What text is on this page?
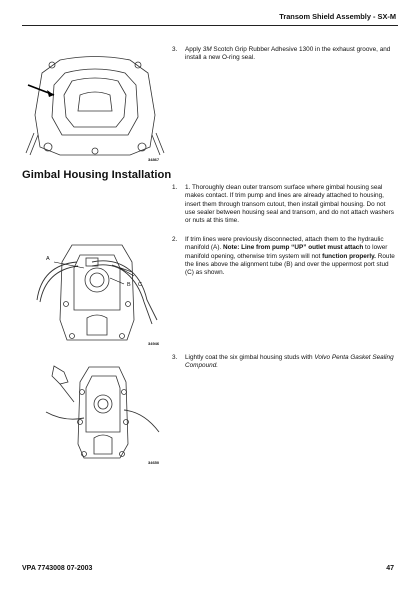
Transom Shield Assembly - SX-M
3. Apply 3M Scotch Grip Rubber Adhesive 1300 in the exhaust groove, and install a new O-ring seal.
34867
Gimbal Housing Installation
1. 1. Thoroughly clean outer transom surface where gimbal housing seal makes contact. If trim pump and lines are already attached to housing, insert them through transom cutout, then install gimbal housing. Do not use sealer between housing seal and transom, and do not attach washers or nuts at this time.
2. If trim lines were previously disconnected, attach them to the hydraulic manifold (A). Note: Line from pump “UP” outlet must attach to lower manifold opening, otherwise trim system will not function properly. Route the lines above the alignment tube (B) and over the uppermost port stud (C) as shown.
A
B C
34946
3. Lightly coat the six gimbal housing studs with Volvo Penta Gasket Sealing Compound.
34650
VPA 7743008 07-2003	47
